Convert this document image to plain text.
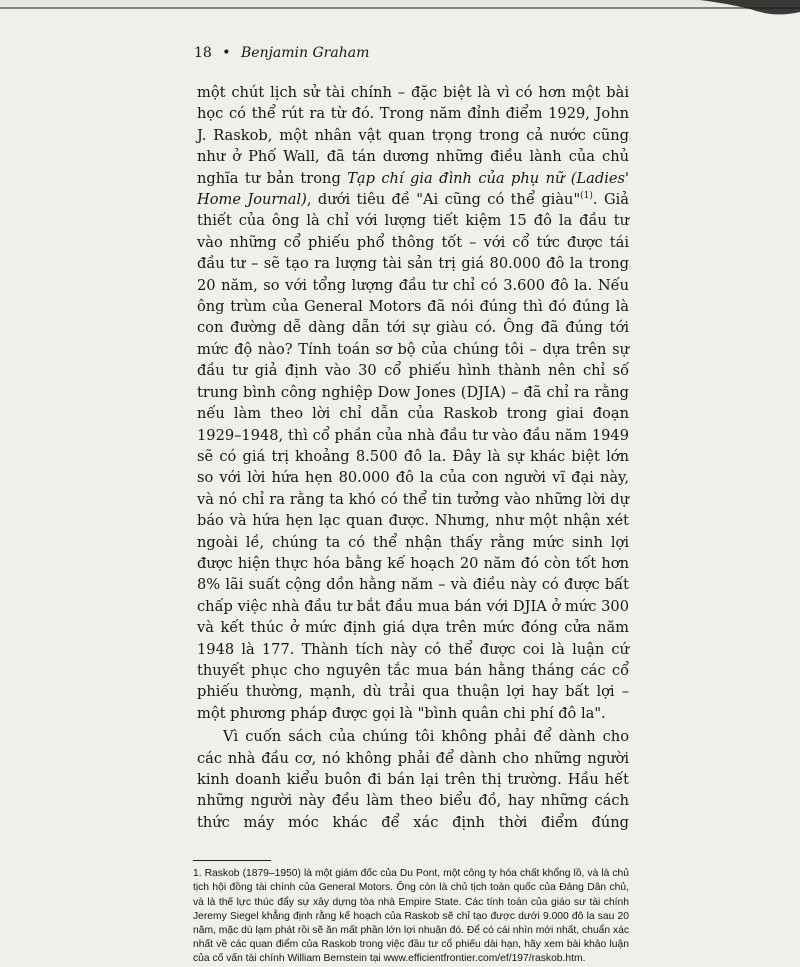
18 • Benjamin Graham

một chút lịch sử tài chính – đặc biệt là vì có hơn một bài học có thể rút ra từ đó. Trong năm đỉnh điểm 1929, John J. Raskob, một nhân vật quan trọng trong cả nước cũng như ở Phố Wall, đã tán dương những điều lành của chủ nghĩa tư bản trong Tạp chí gia đình của phụ nữ (Ladies' Home Journal), dưới tiêu đề "Ai cũng có thể giàu"$^{(1)}$. Giả thiết của ông là chỉ với lượng tiết kiệm 15 đô la đầu tư vào những cổ phiếu phổ thông tốt – với cổ tức được tái đầu tư – sẽ tạo ra lượng tài sản trị giá 80.000 đô la trong 20 năm, so với tổng lượng đầu tư chỉ có 3.600 đô la. Nếu ông trùm của General Motors đã nói đúng thì đó đúng là con đường dễ dàng dẫn tới sự giàu có. Ông đã đúng tới mức độ nào? Tính toán sơ bộ của chúng tôi – dựa trên sự đầu tư giả định vào 30 cổ phiếu hình thành nên chỉ số trung bình công nghiệp Dow Jones (DJIA) – đã chỉ ra rằng nếu làm theo lời chỉ dẫn của Raskob trong giai đoạn 1929–1948, thì cổ phần của nhà đầu tư vào đầu năm 1949 sẽ có giá trị khoảng 8.500 đô la. Đây là sự khác biệt lớn so với lời hứa hẹn 80.000 đô la của con người vĩ đại này, và nó chỉ ra rằng ta khó có thể tin tưởng vào những lời dự báo và hứa hẹn lạc quan được. Nhưng, như một nhận xét ngoài lề, chúng ta có thể nhận thấy rằng mức sinh lợi được hiện thực hóa bằng kế hoạch 20 năm đó còn tốt hơn 8% lãi suất cộng dồn hằng năm – và điều này có được bất chấp việc nhà đầu tư bắt đầu mua bán với DJIA ở mức 300 và kết thúc ở mức định giá dựa trên mức đóng cửa năm 1948 là 177. Thành tích này có thể được coi là luận cứ thuyết phục cho nguyên tắc mua bán hằng tháng các cổ phiếu thường, mạnh, dù trải qua thuận lợi hay bất lợi – một phương pháp được gọi là "bình quân chi phí đô la".

Vì cuốn sách của chúng tôi không phải để dành cho các nhà đầu cơ, nó không phải để dành cho những người kinh doanh kiểu buôn đi bán lại trên thị trường. Hầu hết những người này đều làm theo biểu đồ, hay những cách thức máy móc khác để xác định thời điểm đúng

1. Raskob (1879–1950) là một giám đốc của Du Pont, một công ty hóa chất khổng lồ, và là chủ tịch hội đồng tài chính của General Motors. Ông còn là chủ tịch toàn quốc của Đảng Dân chủ, và là thế lực thúc đẩy sự xây dựng tòa nhà Empire State. Các tính toán của giáo sư tài chính Jeremy Siegel khẳng định rằng kế hoạch của Raskob sẽ chỉ tạo được dưới 9.000 đô la sau 20 năm, mặc dù lạm phát rồi sẽ ăn mất phần lớn lợi nhuận đó. Để có cái nhìn mới nhất, chuẩn xác nhất về các quan điểm của Raskob trong việc đầu tư cổ phiếu dài hạn, hãy xem bài khảo luận của cố vấn tài chính William Bernstein tại www.efficientfrontier.com/ef/197/raskob.htm.
